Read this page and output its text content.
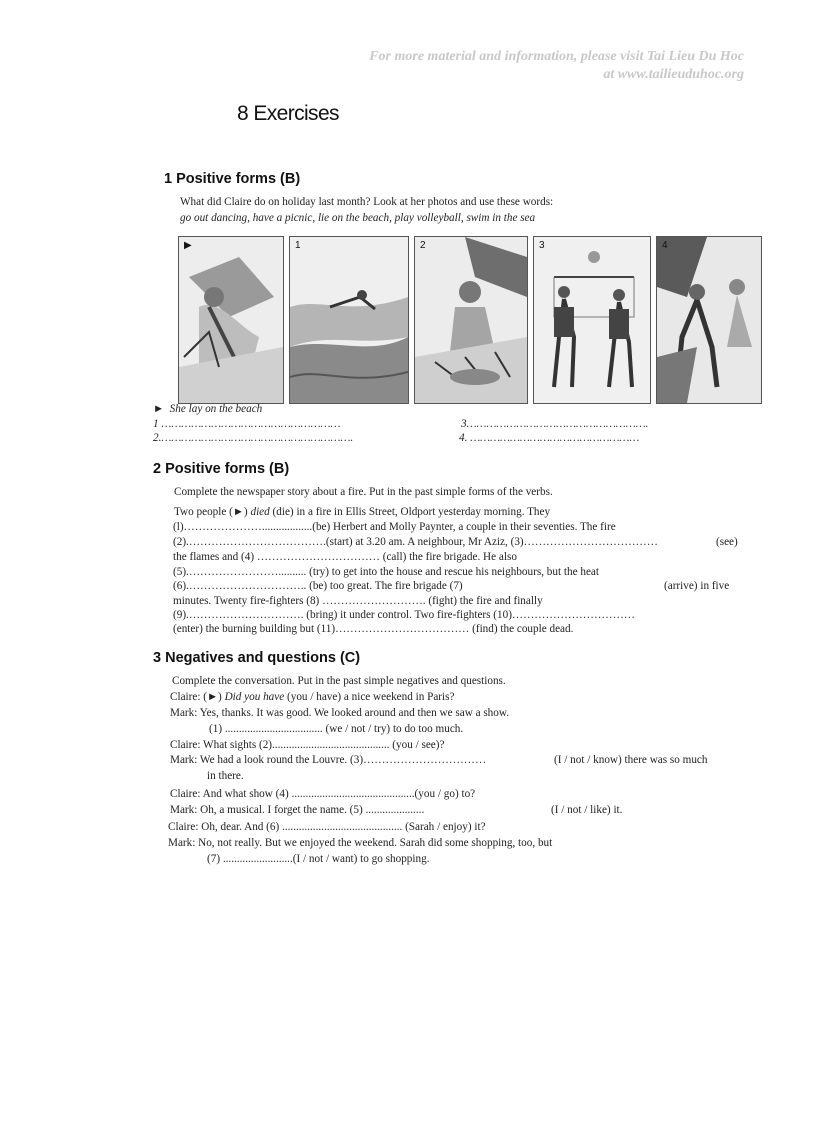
For more material and information, please visit Tai Lieu Du Hoc
at www.tailieuduhoc.org
8 Exercises
1 Positive forms (B)
What did Claire do on holiday last month? Look at her photos and use these words:
go out dancing, have a picnic, lie on the beach, play volleyball, swim in the sea
▶	1	2	3	4
► She lay on the beach
1 ………………………………………………	3……………………………………………….
2.………………………………………………….	4. ……………………………………………
2 Positive forms (B)
Complete the newspaper story about a fire. Put in the past simple forms of the verbs.
Two people (►) died (die) in a fire in Ellis Street, Oldport yesterday morning. They
(l)…………………..................(be) Herbert and Molly Paynter, a couple in their seventies. The fire
(2).……………………………….(start) at 3.20 am. A neighbour, Mr Aziz, (3)………………………………	(see)
the flames and (4) …………………………… (call) the fire brigade. He also
(5).…………………….......... (try) to get into the house and rescue his neighbours, but the heat
(6).………………………….. (be) too great. The fire brigade (7)	(arrive) in five
minutes. Twenty fire-fighters (8) ………………………. (fight) the fire and finally
(9).…………………………. (bring) it under control. Two fire-fighters (10)……………………………
(enter) the burning building but (11)……………………………… (find) the couple dead.
3 Negatives and questions (C)
Complete the conversation. Put in the past simple negatives and questions.
Claire: (►) Did you have (you / have) a nice weekend in Paris?
Mark: Yes, thanks. It was good. We looked around and then we saw a show.
(1) ................................... (we / not / try) to do too much.
Claire: What sights (2).......................................... (you / see)?
Mark: We had a look round the Louvre. (3)……………………………	(I / not / know) there was so much
in there.
Claire: And what show (4) ............................................(you / go) to?
Mark: Oh, a musical. I forget the name. (5) .....................	(I / not / like) it.
Claire: Oh, dear. And (6) ........................................... (Sarah / enjoy) it?
Mark: No, not really. But we enjoyed the weekend. Sarah did some shopping, too, but
(7) .........................(I / not / want) to go shopping.
